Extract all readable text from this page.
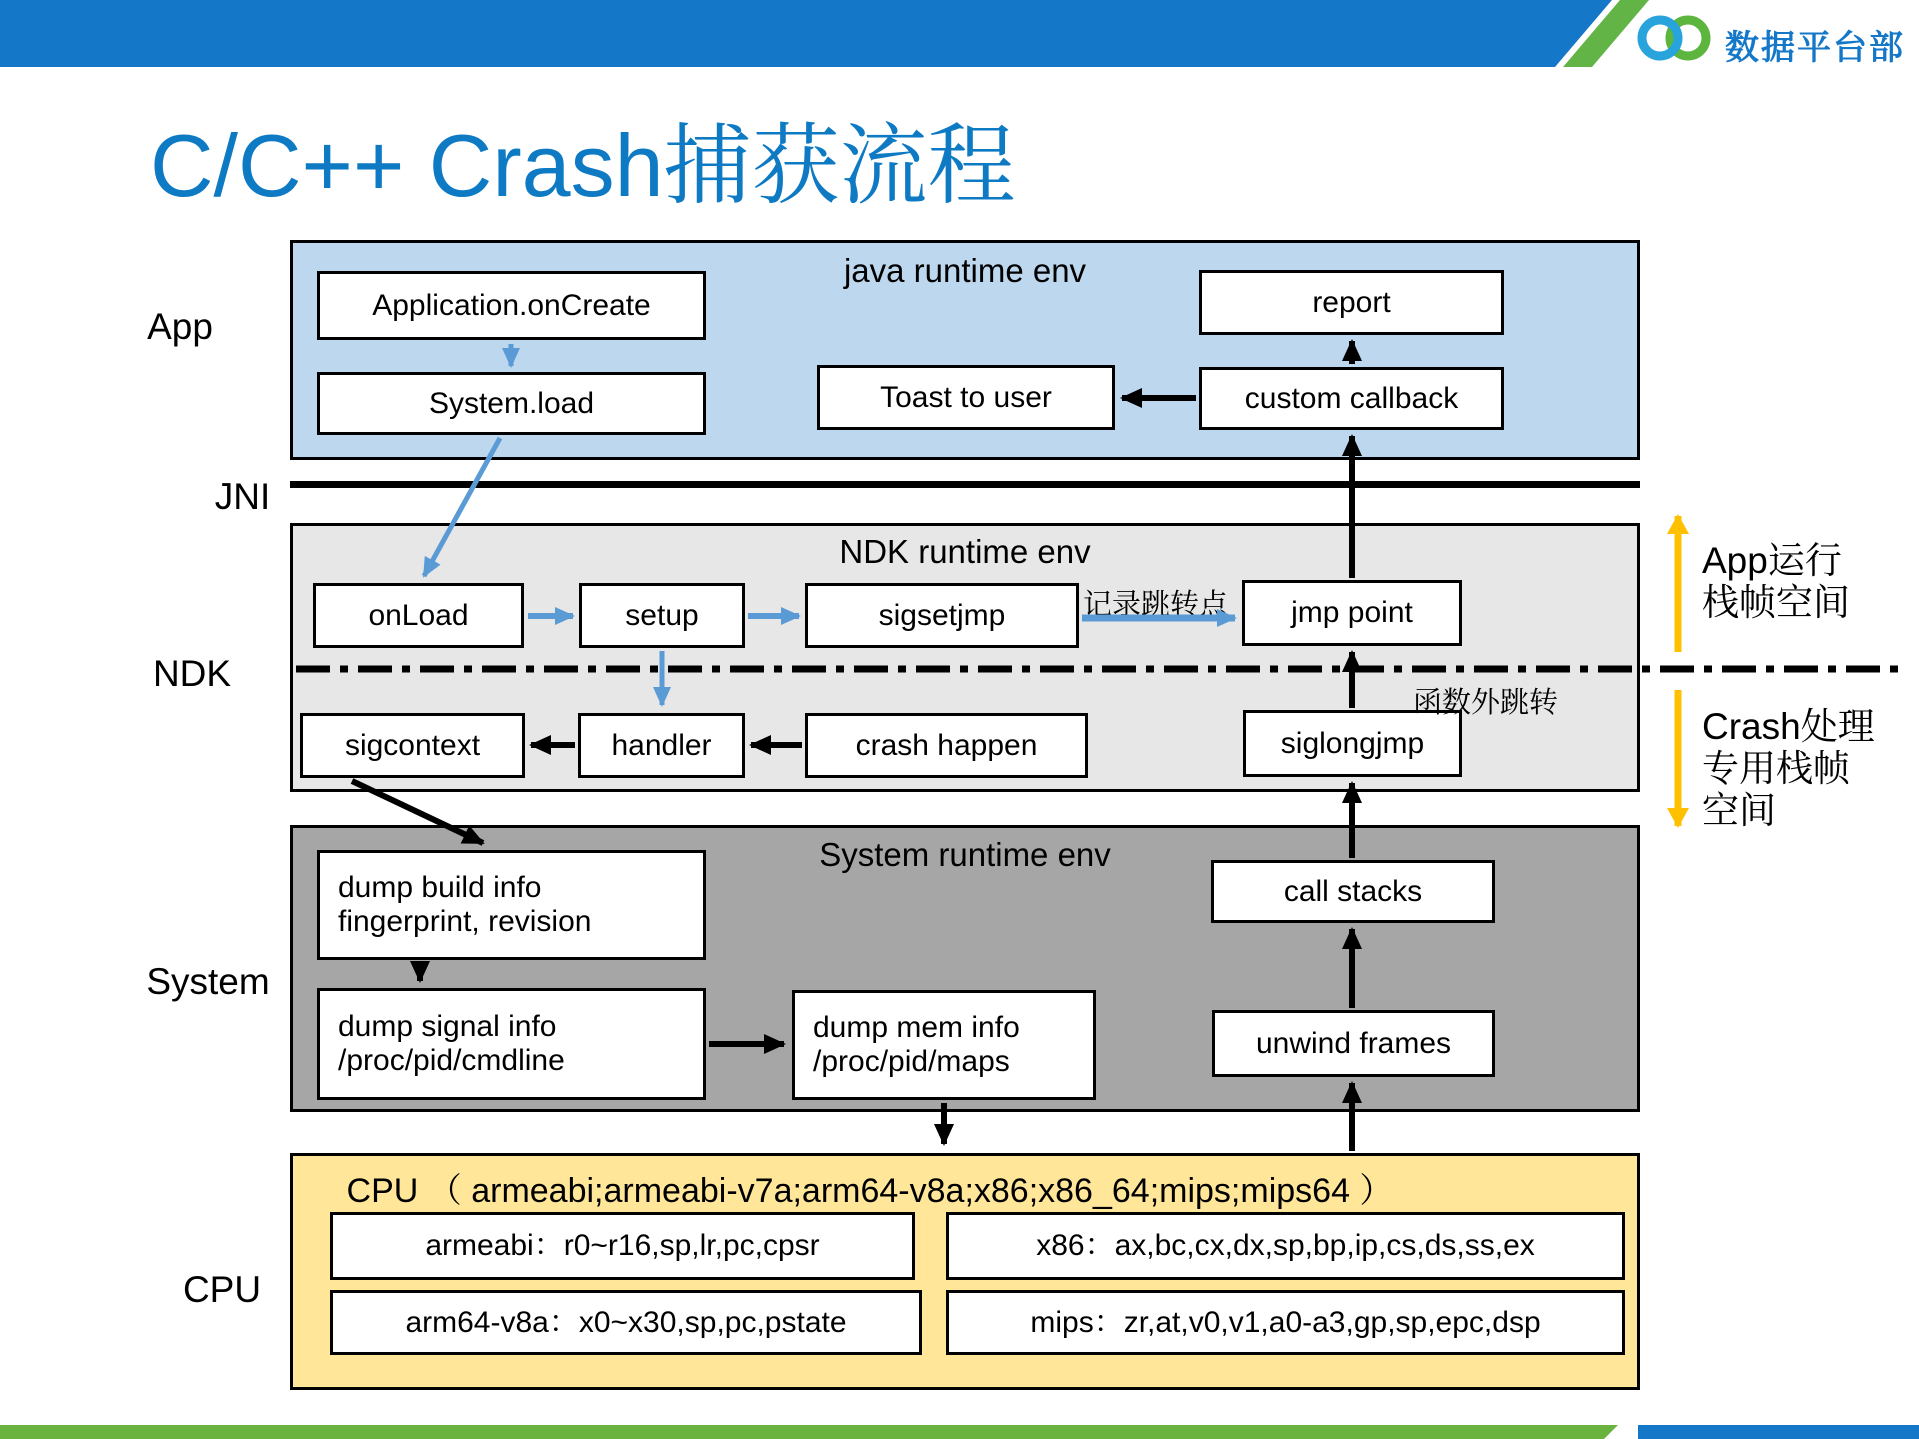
数据平台部
C/C++ Crash捕获流程
App
JNI
NDK
System
CPU
java runtime env
NDK runtime env
System runtime env
Application.onCreate
System.load	Toast to user	custom callback
report
onLoad	setup	sigsetjmp	记录跳转点	jmp point
sigcontext	handler	crash happen	siglongjmp
函数外跳转
dump build info
fingerprint, revision
dump signal info
/proc/pid/cmdline
dump mem info
/proc/pid/maps
call stacks
unwind frames
CPU （ armeabi;armeabi-v7a;arm64-v8a;x86;x86_64;mips;mips64 ）
armeabi：r0~r16,sp,lr,pc,cpsr	x86：ax,bc,cx,dx,sp,bp,ip,cs,ds,ss,ex
arm64-v8a：x0~x30,sp,pc,pstate	mips：zr,at,v0,v1,a0-a3,gp,sp,epc,dsp
App运行
栈帧空间
Crash处理
专用栈帧
空间
